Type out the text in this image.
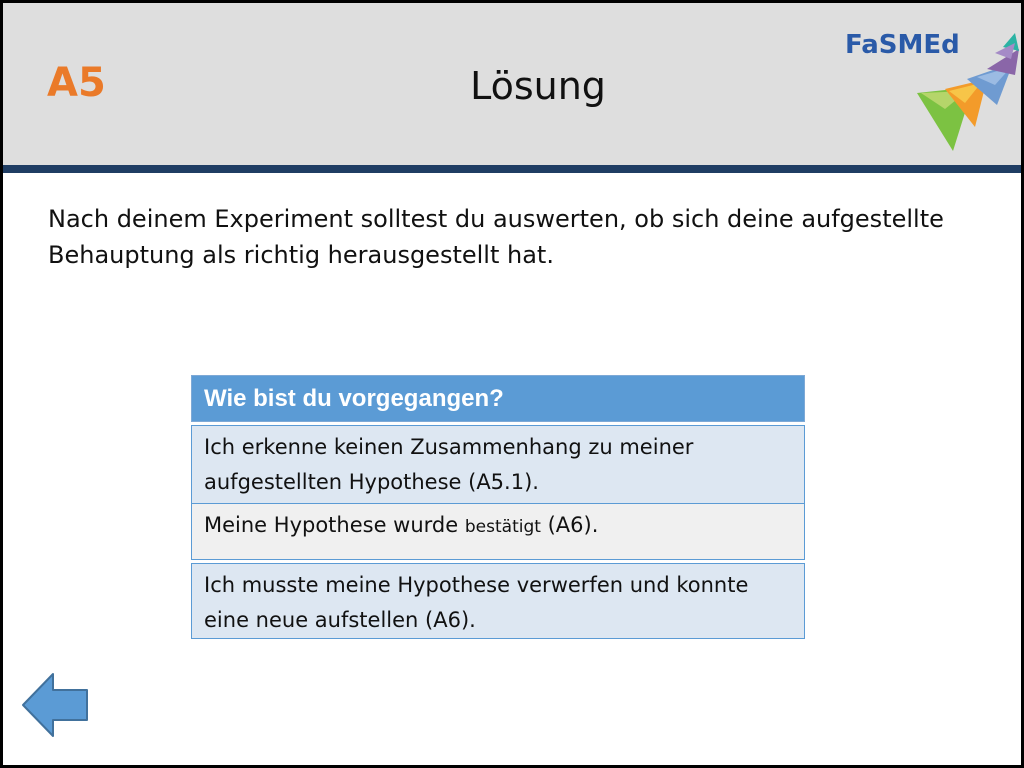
A5	Lösung
FaSMEd
Nach deinem Experiment solltest du auswerten, ob sich deine aufgestellte Behauptung als richtig herausgestellt hat.
Wie bist du vorgegangen?

Ich erkenne keinen Zusammenhang zu meiner aufgestellten Hypothese (A5.1).
Meine Hypothese wurde bestätigt (A6).

Ich musste meine Hypothese verwerfen und konnte eine neue aufstellen (A6).
